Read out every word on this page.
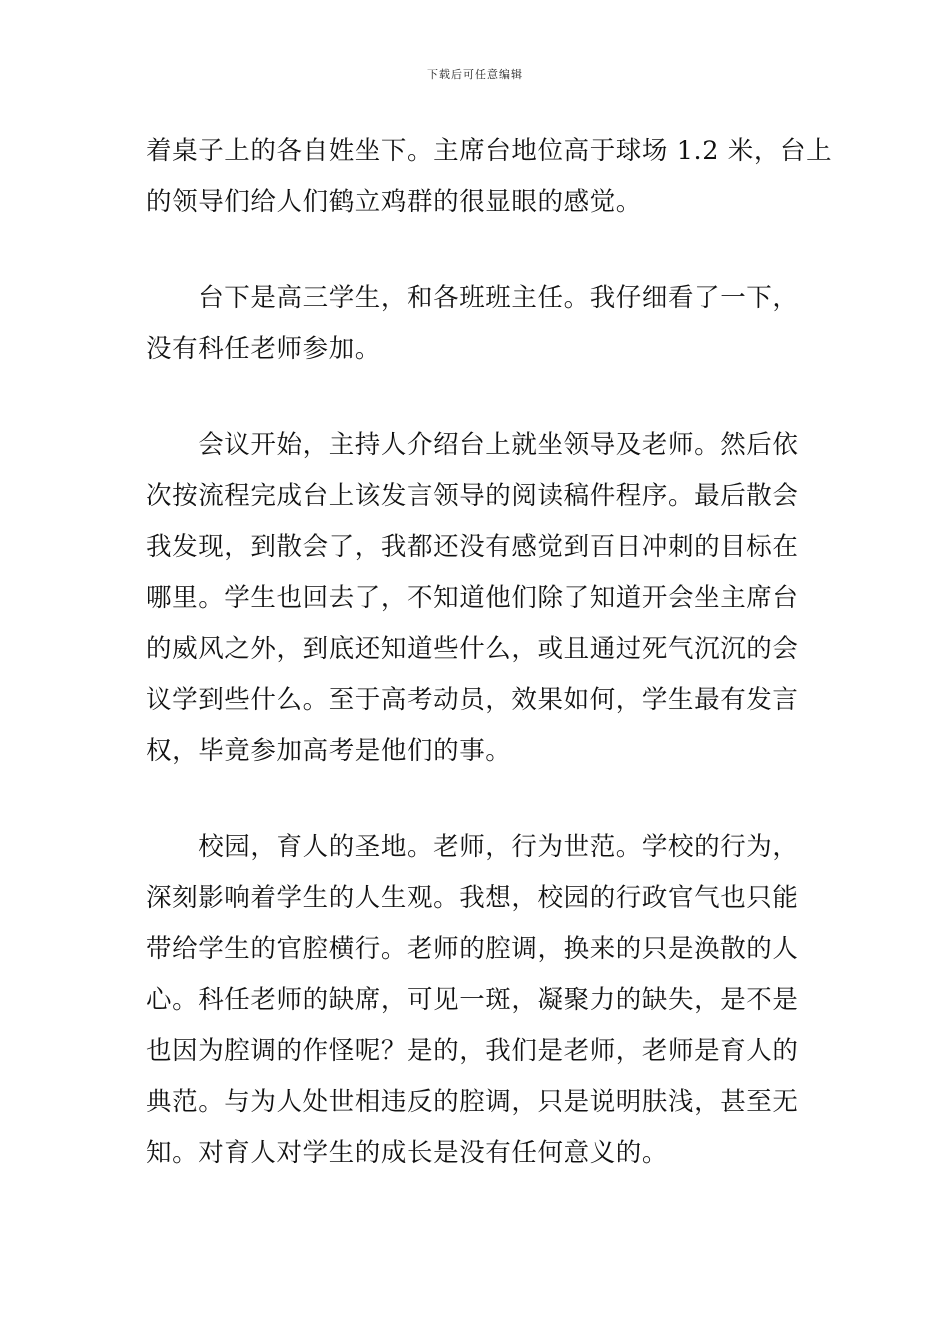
下载后可任意编辑
着桌子上的各自姓坐下。主席台地位高于球场 1.2 米，台上
的领导们给人们鹤立鸡群的很显眼的感觉。
　　台下是高三学生，和各班班主任。我仔细看了一下，
没有科任老师参加。
　　会议开始，主持人介绍台上就坐领导及老师。然后依
次按流程完成台上该发言领导的阅读稿件程序。最后散会
我发现，到散会了，我都还没有感觉到百日冲刺的目标在
哪里。学生也回去了，不知道他们除了知道开会坐主席台
的威风之外，到底还知道些什么，或且通过死气沉沉的会
议学到些什么。至于高考动员，效果如何，学生最有发言
权，毕竟参加高考是他们的事。
　　校园，育人的圣地。老师，行为世范。学校的行为，
深刻影响着学生的人生观。我想，校园的行政官气也只能
带给学生的官腔横行。老师的腔调，换来的只是涣散的人
心。科任老师的缺席，可见一斑，凝聚力的缺失，是不是
也因为腔调的作怪呢？是的，我们是老师，老师是育人的
典范。与为人处世相违反的腔调，只是说明肤浅，甚至无
知。对育人对学生的成长是没有任何意义的。
